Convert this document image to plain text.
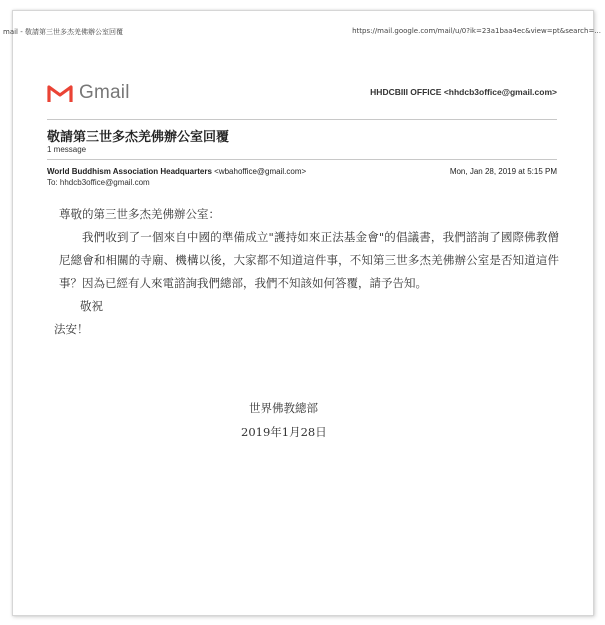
mail - 敬請第三世多杰羌佛辦公室回覆	https://mail.google.com/mail/u/0?ik=23a1baa4ec&view=pt&search=...
Gmail	HHDCBIII OFFICE <hhdcb3office@gmail.com>
敬請第三世多杰羌佛辦公室回覆
1 message
World Buddhism Association Headquarters <wbahoffice@gmail.com>	Mon, Jan 28, 2019 at 5:15 PM
To: hhdcb3office@gmail.com
尊敬的第三世多杰羌佛辦公室：
我們收到了一個來自中國的準備成立"護持如來正法基金會"的倡議書，我們諮詢了國際佛教僧尼總會和相關的寺廟、機構以後，大家都不知道這件事，不知第三世多杰羌佛辦公室是否知道這件事？因為已經有人來電諮詢我們總部，我們不知該如何答覆，請予告知。
敬祝
法安！
世界佛教總部
2019年1月28日
